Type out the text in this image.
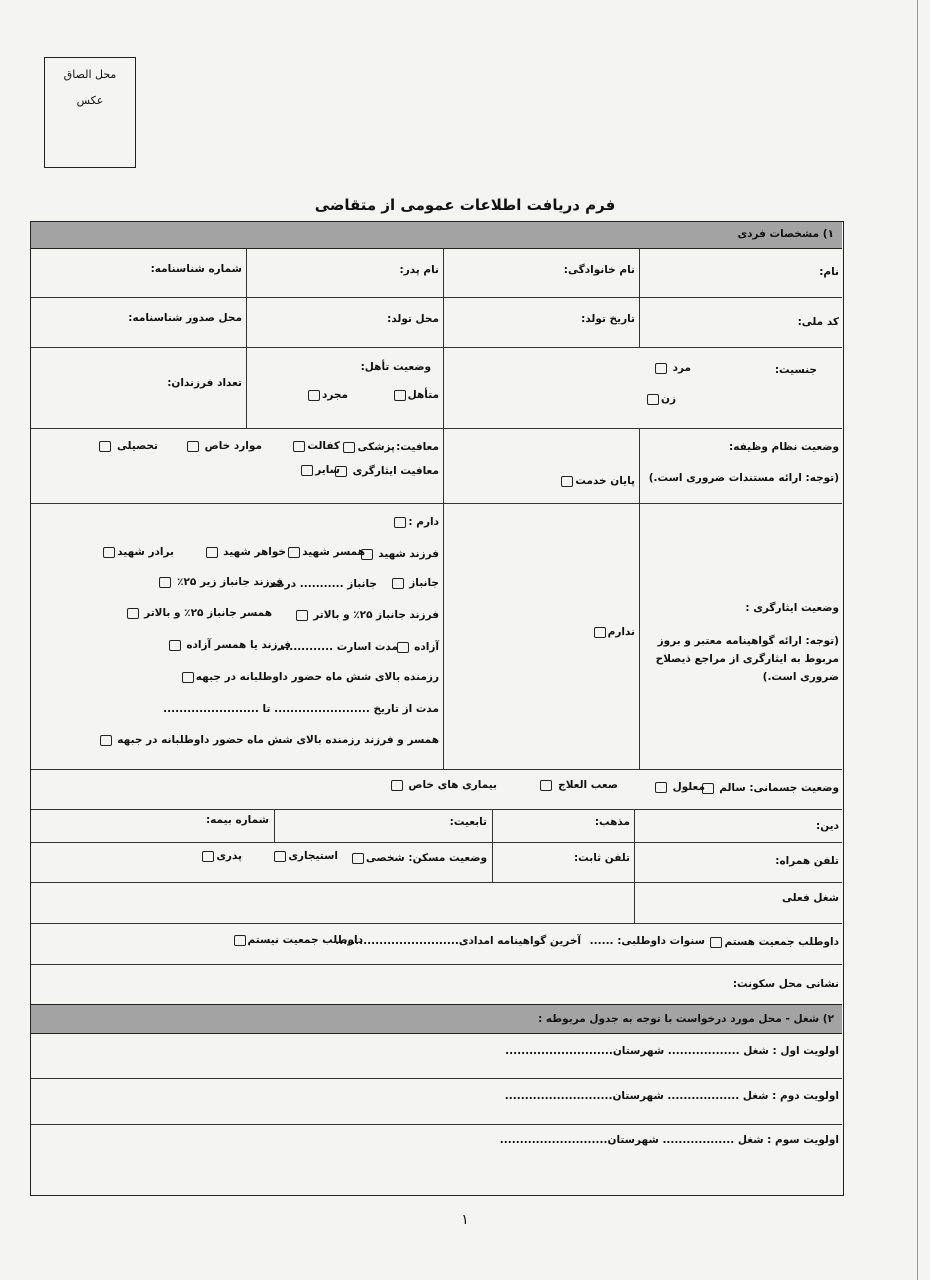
محل الصاق
عکس
فرم دریافت اطلاعات عمومی از متقاضی
۱) مشخصات فردی
نام:
نام خانوادگی:
نام پدر:
شماره شناسنامه:
کد ملی:
تاریخ تولد:
محل تولد:
محل صدور شناسنامه:
جنسیت:
مرد
زن
وضعیت تأهل:
متأهل
مجرد
تعداد فرزندان:
وضعیت نظام وظیفه:
(توجه: ارائه مستندات ضروری است.)
پایان خدمت
معافیت:
پزشکی
کفالت
موارد خاص
تحصیلی
معافیت ایثارگری
سایر
وضعیت ایثارگری :
(توجه: ارائه گواهینامه معتبر و بروز مربوط به ایثارگری از مراجع ذیصلاح ضروری است.)
ندارم
دارم :
فرزند شهید
همسر شهید
خواهر شهید
برادر شهید
جانباز
جانباز ........... درصد
فرزند جانباز زیر ۲۵٪
فرزند جانباز ۲۵٪ و بالاتر
همسر جانباز ۲۵٪ و بالاتر
آزاده
مدت اسارت ..............
فرزند یا همسر آزاده
رزمنده بالای شش ماه حضور داوطلبانه در جبهه
مدت از تاریخ ........................ تا ........................
همسر و فرزند رزمنده بالای شش ماه حضور داوطلبانه در جبهه
وضعیت جسمانی: سالم
معلول
صعب العلاج
بیماری های خاص
دین:
مذهب:
تابعیت:
شماره بیمه:
تلفن همراه:
تلفن ثابت:
وضعیت مسکن: شخصی
استیجاری
پدری
شغل فعلی
داوطلب جمعیت هستم
سنوات داوطلبی: ......
آخرین گواهینامه امدادی...............................
داوطلب جمعیت نیستم
نشانی محل سکونت:
۲) شغل - محل مورد درخواست با توجه به جدول مربوطه :
اولویت اول : شغل .................. شهرستان...........................
اولویت دوم : شغل .................. شهرستان...........................
اولویت سوم : شغل .................. شهرستان...........................
۱
